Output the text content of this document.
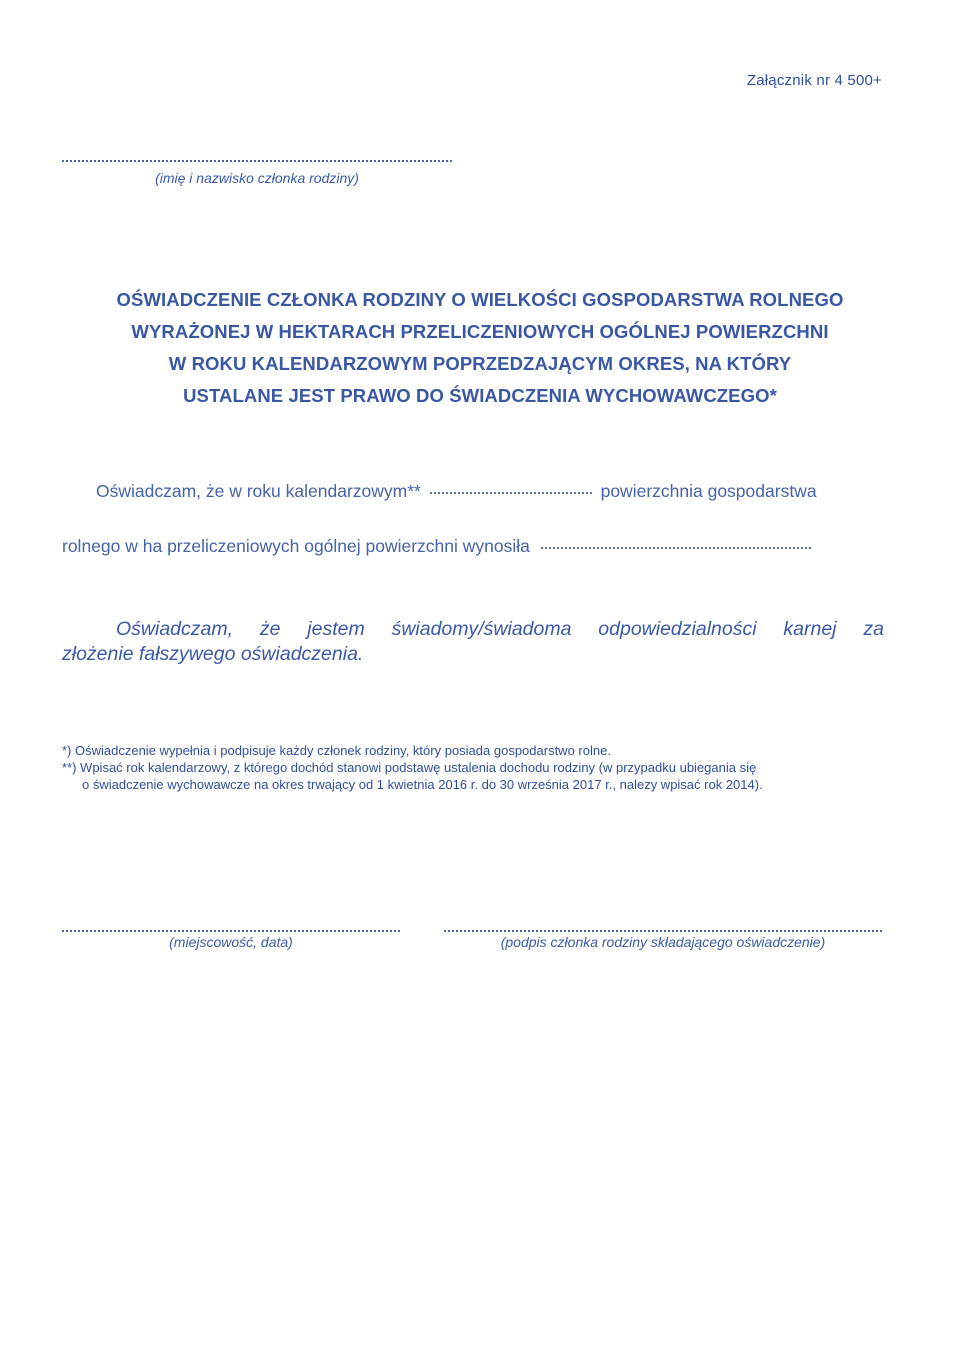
Załącznik nr 4 500+
(imię i nazwisko członka rodziny)
OŚWIADCZENIE CZŁONKA RODZINY O WIELKOŚCI GOSPODARSTWA ROLNEGO
WYRAŻONEJ W HEKTARACH PRZELICZENIOWYCH OGÓLNEJ POWIERZCHNI
W ROKU KALENDARZOWYM POPRZEDZAJĄCYM OKRES, NA KTÓRY
USTALANE JEST PRAWO DO ŚWIADCZENIA WYCHOWAWCZEGO*
Oświadczam, że w roku kalendarzowym**	powierzchnia gospodarstwa
rolnego w ha przeliczeniowych ogólnej powierzchni wynosiła
Oświadczam, że jestem świadomy/świadoma odpowiedzialności karnej za
złożenie fałszywego oświadczenia.
*) Oświadczenie wypełnia i podpisuje każdy członek rodziny, który posiada gospodarstwo rolne.
**) Wpisać rok kalendarzowy, z którego dochód stanowi podstawę ustalenia dochodu rodziny (w przypadku ubiegania się
o świadczenie wychowawcze na okres trwający od 1 kwietnia 2016 r. do 30 września 2017 r., nalezy wpisać rok 2014).
(miejscowość, data)	(podpis członka rodziny składającego oświadczenie)
